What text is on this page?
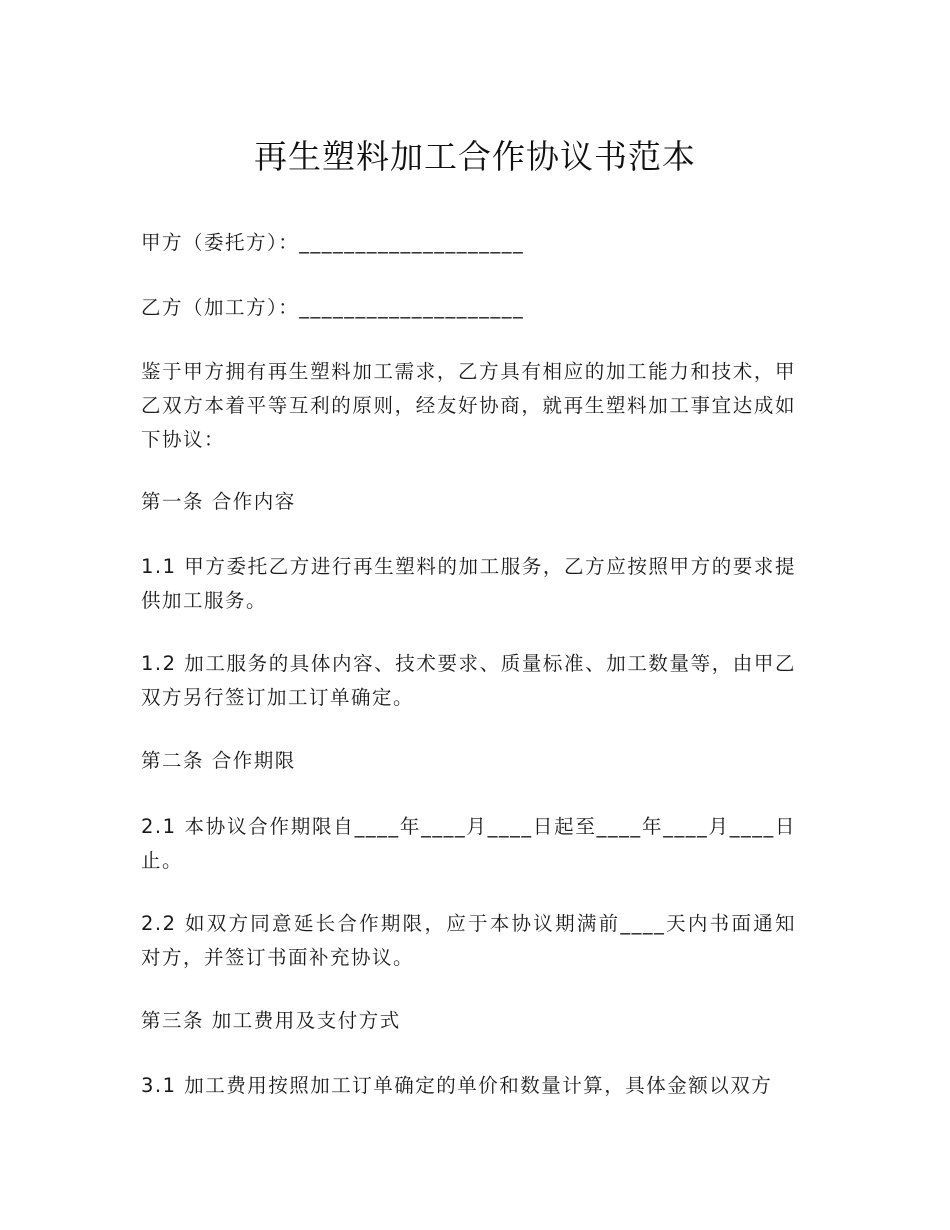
再生塑料加工合作协议书范本

甲方（委托方）：____________________

乙方（加工方）：____________________

鉴于甲方拥有再生塑料加工需求，乙方具有相应的加工能力和技术，甲乙双方本着平等互利的原则，经友好协商，就再生塑料加工事宜达成如下协议：

第一条 合作内容

1.1 甲方委托乙方进行再生塑料的加工服务，乙方应按照甲方的要求提供加工服务。

1.2 加工服务的具体内容、技术要求、质量标准、加工数量等，由甲乙双方另行签订加工订单确定。

第二条 合作期限

2.1 本协议合作期限自____年____月____日起至____年____月____日止。

2.2 如双方同意延长合作期限，应于本协议期满前____天内书面通知对方，并签订书面补充协议。

第三条 加工费用及支付方式

3.1 加工费用按照加工订单确定的单价和数量计算，具体金额以双方
